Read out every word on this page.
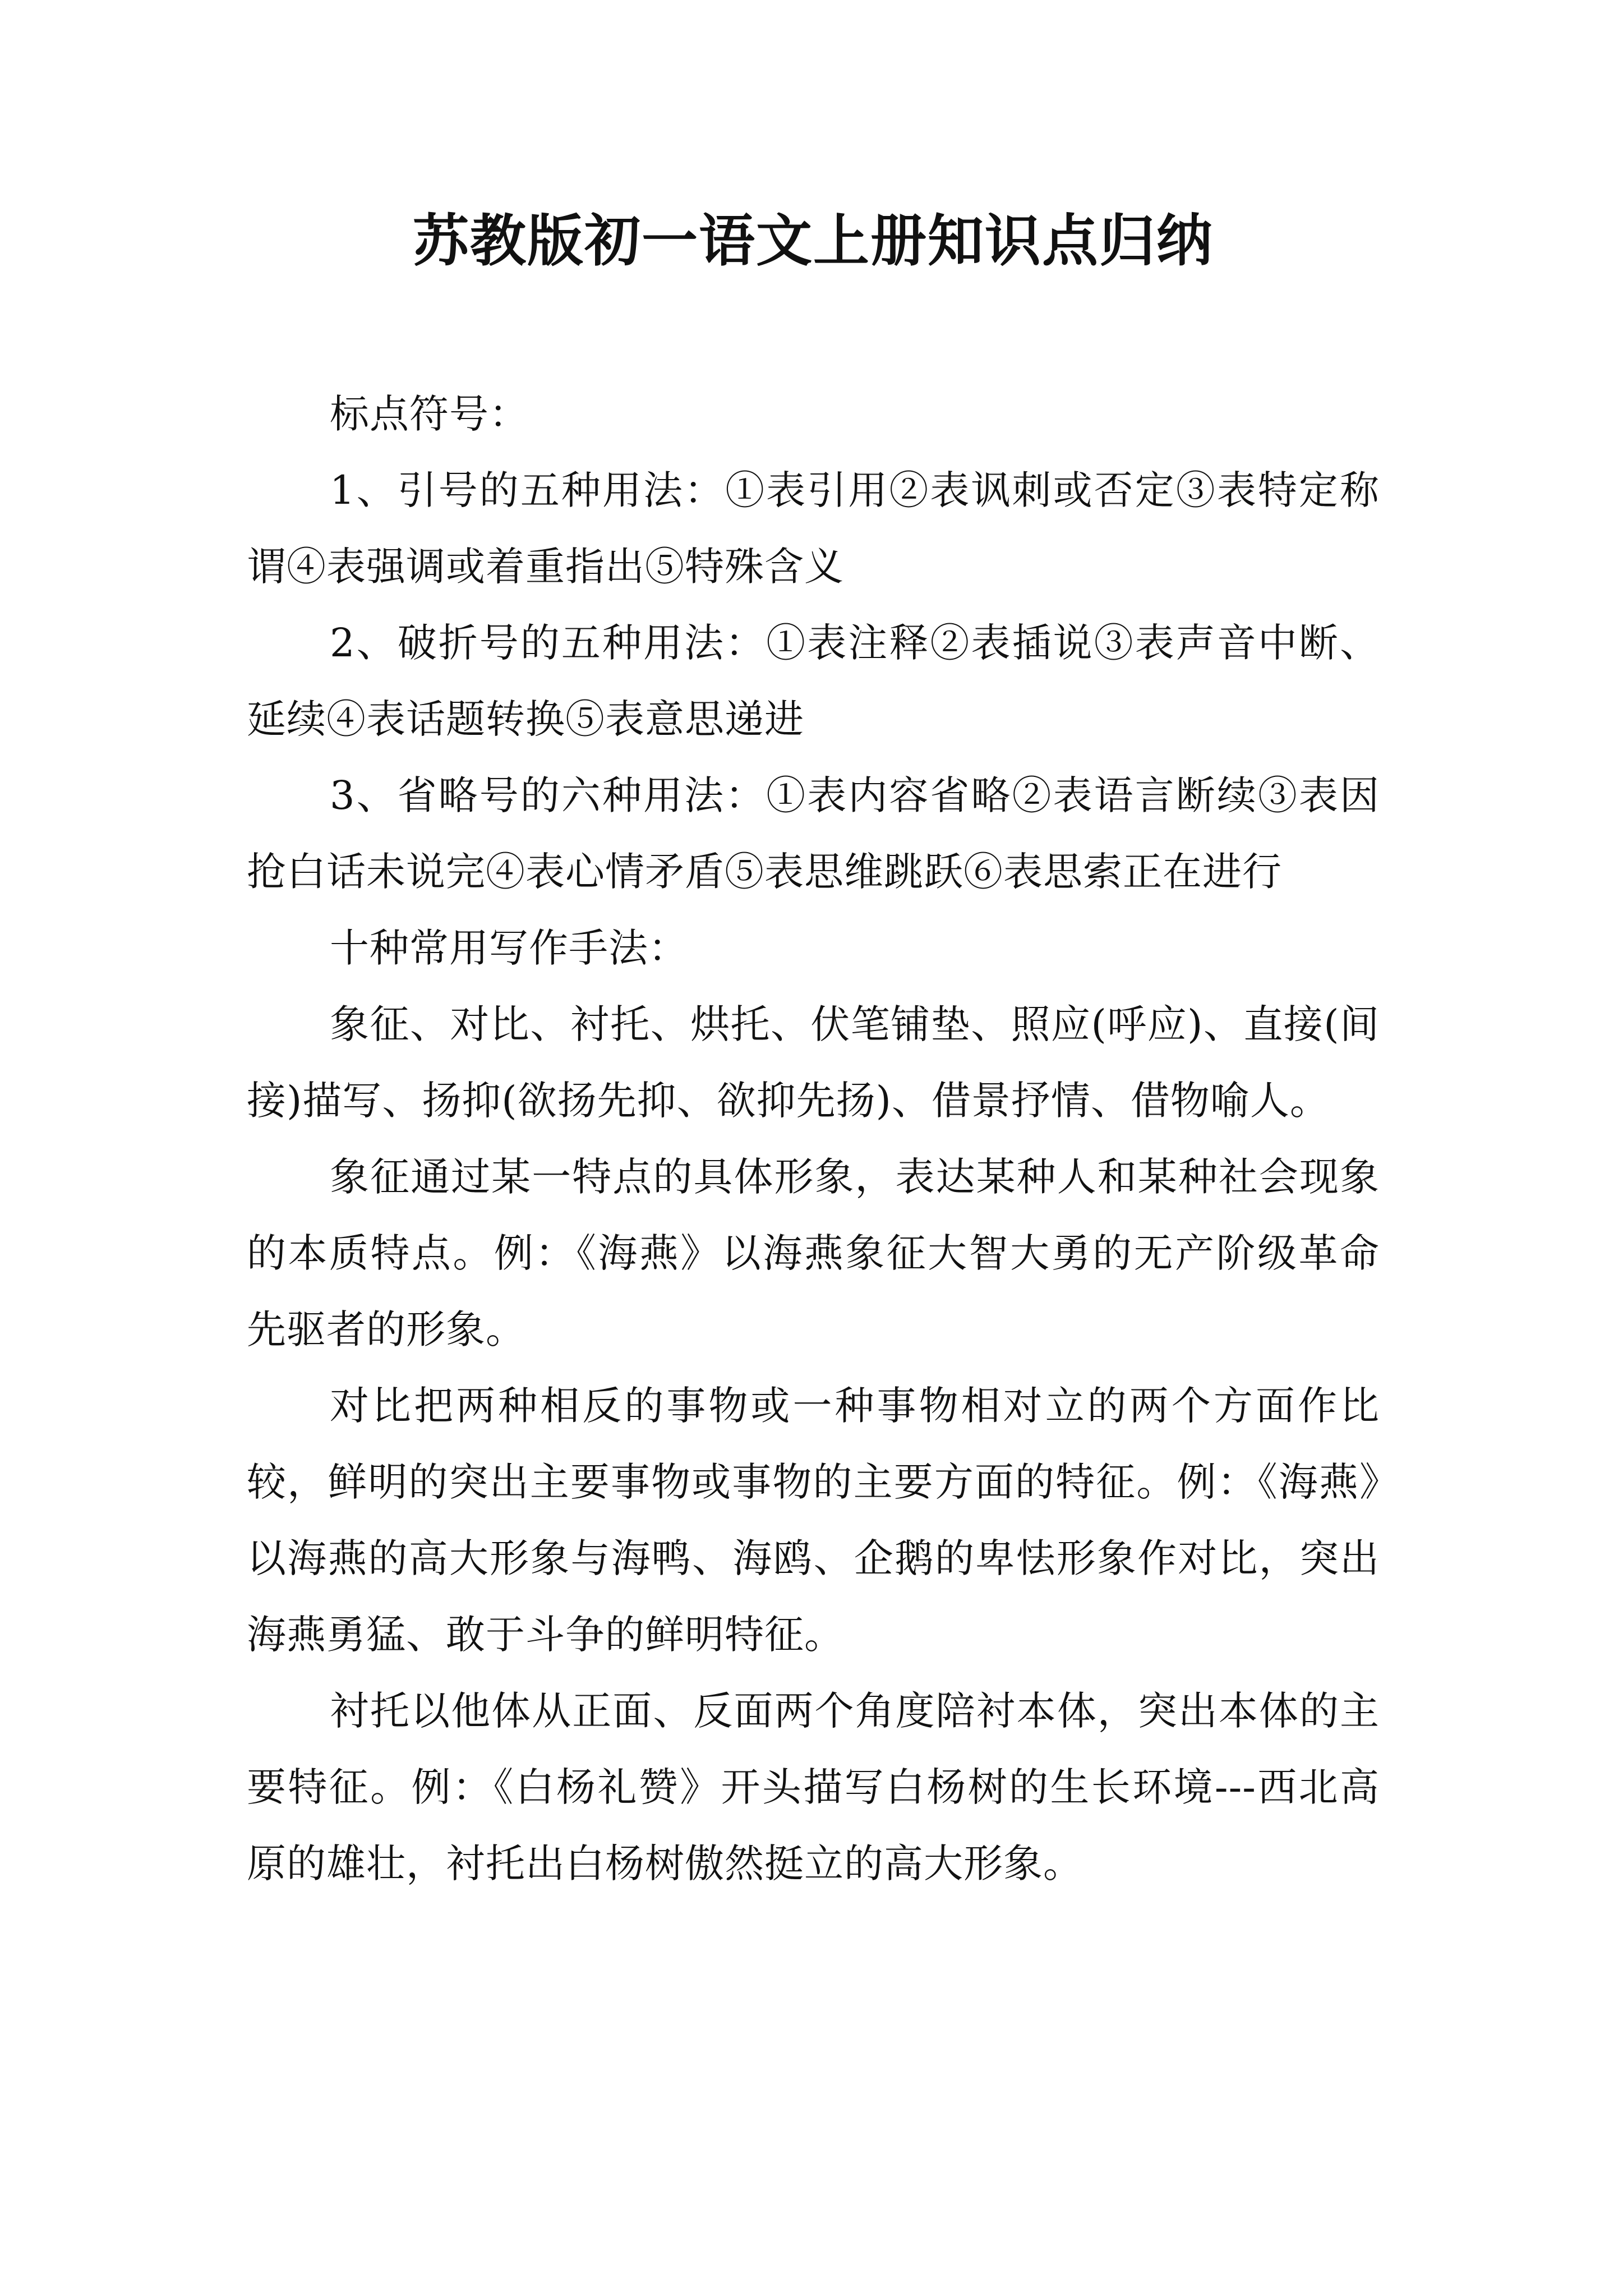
苏教版初一语文上册知识点归纳

标点符号：

1、引号的五种用法：①表引用②表讽刺或否定③表特定称谓④表强调或着重指出⑤特殊含义

2、破折号的五种用法：①表注释②表插说③表声音中断、延续④表话题转换⑤表意思递进

3、省略号的六种用法：①表内容省略②表语言断续③表因抢白话未说完④表心情矛盾⑤表思维跳跃⑥表思索正在进行

十种常用写作手法：

象征、对比、衬托、烘托、伏笔铺垫、照应(呼应)、直接(间接)描写、扬抑(欲扬先抑、欲抑先扬)、借景抒情、借物喻人。

象征通过某一特点的具体形象，表达某种人和某种社会现象的本质特点。例：《海燕》以海燕象征大智大勇的无产阶级革命先驱者的形象。

对比把两种相反的事物或一种事物相对立的两个方面作比较，鲜明的突出主要事物或事物的主要方面的特征。例：《海燕》以海燕的高大形象与海鸭、海鸥、企鹅的卑怯形象作对比，突出海燕勇猛、敢于斗争的鲜明特征。

衬托以他体从正面、反面两个角度陪衬本体，突出本体的主要特征。例：《白杨礼赞》开头描写白杨树的生长环境---西北高原的雄壮，衬托出白杨树傲然挺立的高大形象。
